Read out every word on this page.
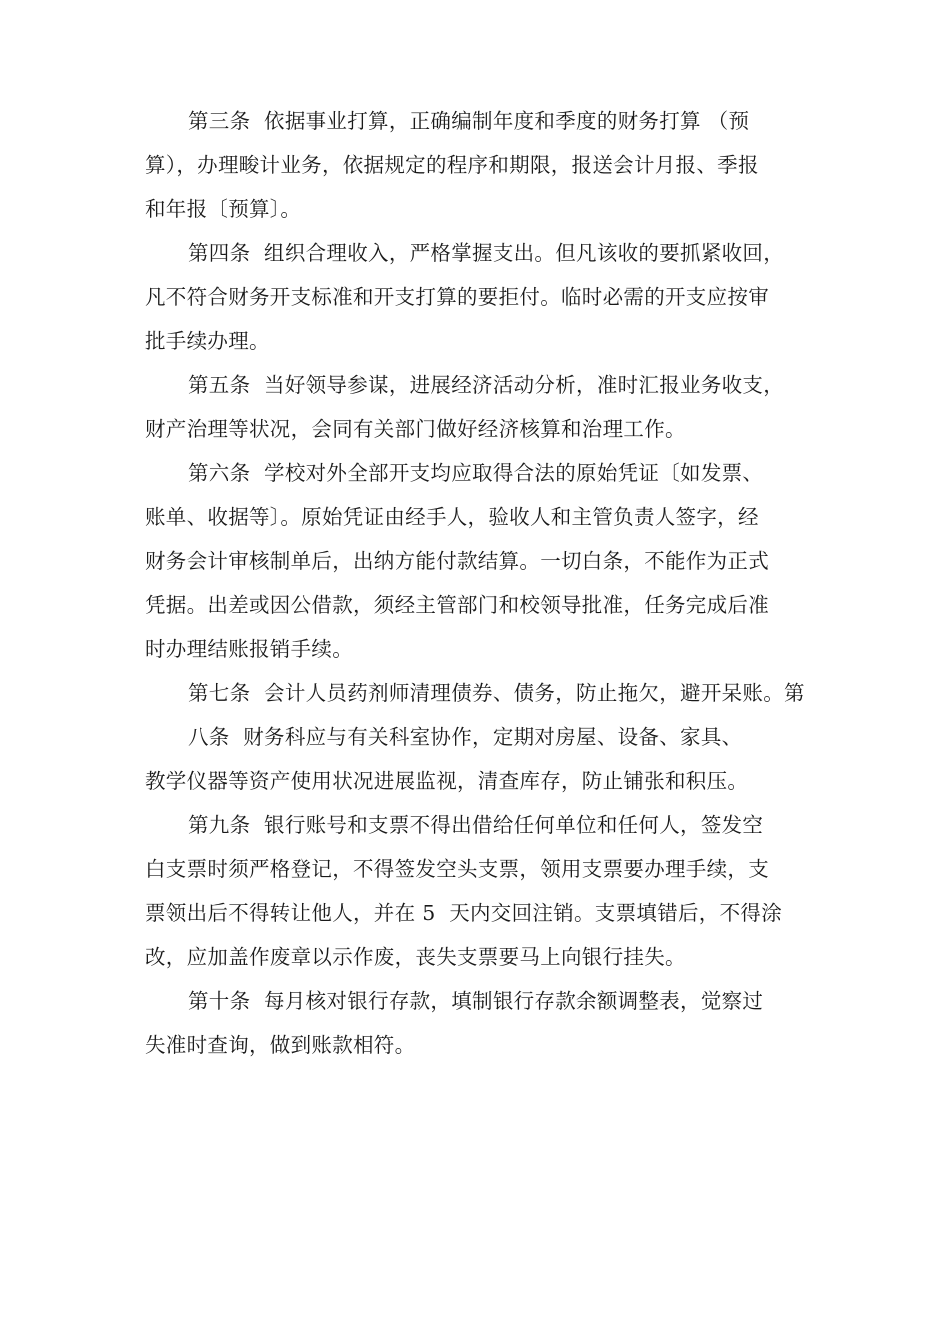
第三条  依据事业打算，正确编制年度和季度的财务打算 （预
算），办理畯计业务，依据规定的程序和期限，报送会计月报、季报
和年报〔预算〕。
第四条  组织合理收入，严格掌握支出。但凡该收的要抓紧收回，
凡不符合财务开支标准和开支打算的要拒付。临时必需的开支应按审
批手续办理。
第五条  当好领导参谋，进展经济活动分析，准时汇报业务收支，
财产治理等状况，会同有关部门做好经济核算和治理工作。
第六条  学校对外全部开支均应取得合法的原始凭证〔如发票、
账单、收据等〕。原始凭证由经手人，验收人和主管负责人签字，经
财务会计审核制单后，出纳方能付款结算。一切白条，不能作为正式
凭据。出差或因公借款，须经主管部门和校领导批准，任务完成后准
时办理结账报销手续。
第七条  会计人员药剂师清理债券、债务，防止拖欠，避开呆账。第
八条  财务科应与有关科室协作，定期对房屋、设备、家具、
教学仪器等资产使用状况进展监视，清查库存，防止铺张和积压。
第九条  银行账号和支票不得出借给任何单位和任何人，签发空
白支票时须严格登记，不得签发空头支票，领用支票要办理手续，支
票领出后不得转让他人，并在 5  天内交回注销。支票填错后，不得涂
改，应加盖作废章以示作废，丧失支票要马上向银行挂失。
第十条  每月核对银行存款，填制银行存款余额调整表，觉察过
失准时查询，做到账款相符。
